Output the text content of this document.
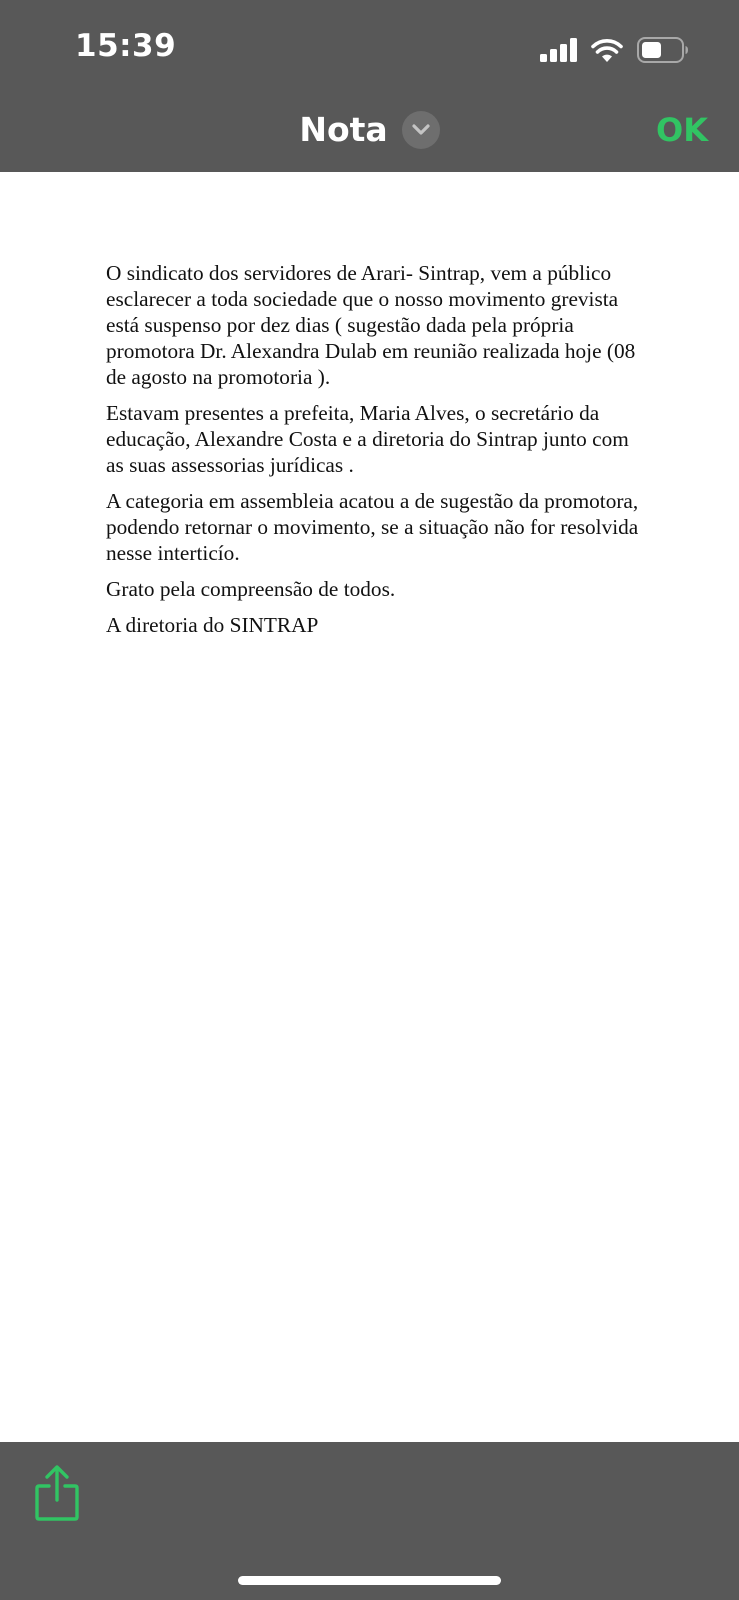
15:39
Nota	OK

O sindicato dos servidores de Arari- Sintrap, vem a público esclarecer a toda sociedade que o nosso movimento grevista está suspenso por dez dias ( sugestão dada pela própria promotora Dr. Alexandra Dulab em reunião realizada hoje (08 de agosto na promotoria ).

Estavam presentes a prefeita, Maria Alves, o secretário da educação, Alexandre Costa e a diretoria do Sintrap junto com as suas assessorias jurídicas .

A categoria em assembleia acatou a de sugestão da promotora, podendo retornar o movimento, se a situação não for resolvida nesse interticío.

Grato pela compreensão de todos.

A diretoria do SINTRAP
